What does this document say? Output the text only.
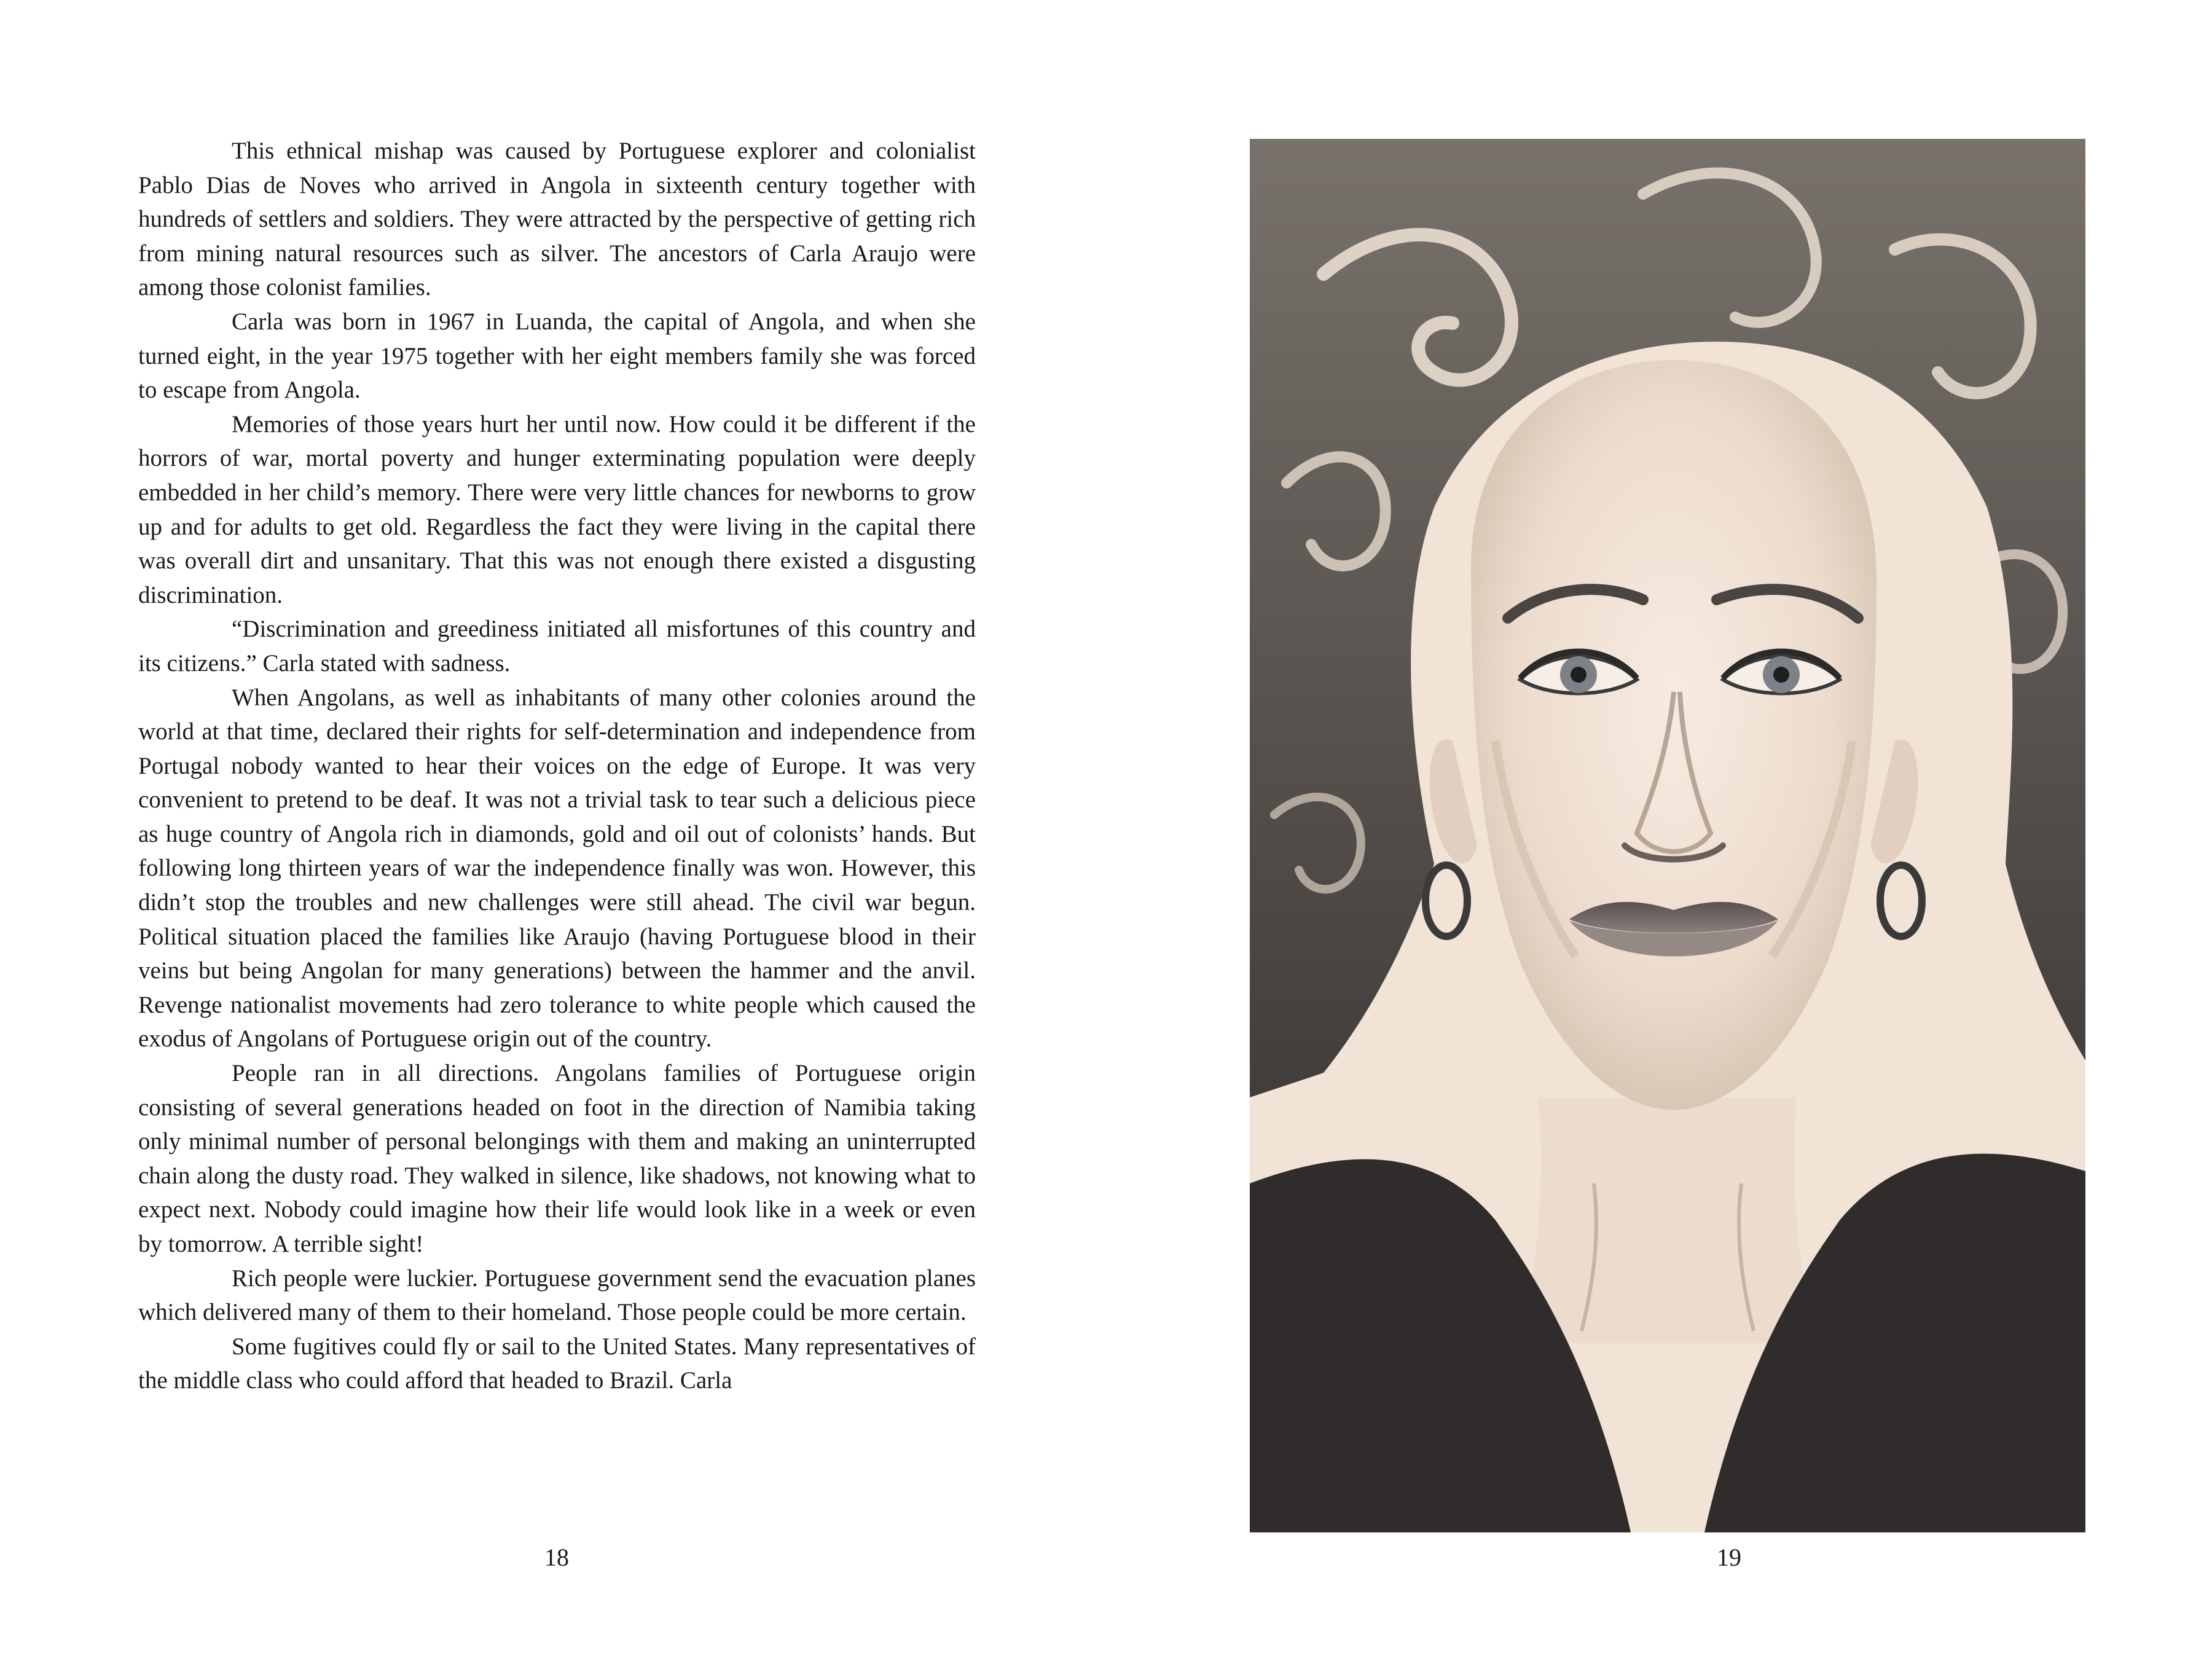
This ethnical mishap was caused by Portuguese explorer and colonialist Pablo Dias de Noves who arrived in Angola in sixteenth century together with hundreds of settlers and soldiers. They were attracted by the perspective of getting rich from mining natural resources such as silver. The ancestors of Carla Araujo were among those colonist families.

Carla was born in 1967 in Luanda, the capital of Angola, and when she turned eight, in the year 1975 together with her eight members family she was forced to escape from Angola.

Memories of those years hurt her until now. How could it be different if the horrors of war, mortal poverty and hunger exterminating population were deeply embedded in her child’s memory. There were very little chances for newborns to grow up and for adults to get old. Regardless the fact they were living in the capital there was overall dirt and unsanitary. That this was not enough there existed a disgusting discrimination.

“Discrimination and greediness initiated all misfortunes of this country and its citizens.” Carla stated with sadness.

When Angolans, as well as inhabitants of many other colonies around the world at that time, declared their rights for self-determination and independence from Portugal nobody wanted to hear their voices on the edge of Europe. It was very convenient to pretend to be deaf. It was not a trivial task to tear such a delicious piece as huge country of Angola rich in diamonds, gold and oil out of colonists’ hands. But following long thirteen years of war the independence finally was won. However, this didn’t stop the troubles and new challenges were still ahead. The civil war begun. Political situation placed the families like Araujo (having Portuguese blood in their veins but being Angolan for many generations) between the hammer and the anvil. Revenge nationalist movements had zero tolerance to white people which caused the exodus of Angolans of Portuguese origin out of the country.

People ran in all directions. Angolans families of Portuguese origin consisting of several generations headed on foot in the direction of Namibia taking only minimal number of personal belongings with them and making an uninterrupted chain along the dusty road. They walked in silence, like shadows, not knowing what to expect next. Nobody could imagine how their life would look like in a week or even by tomorrow. A terrible sight!

Rich people were luckier. Portuguese government send the evacuation planes which delivered many of them to their homeland. Those people could be more certain.

Some fugitives could fly or sail to the United States. Many representatives of the middle class who could afford that headed to Brazil. Carla

18	19
